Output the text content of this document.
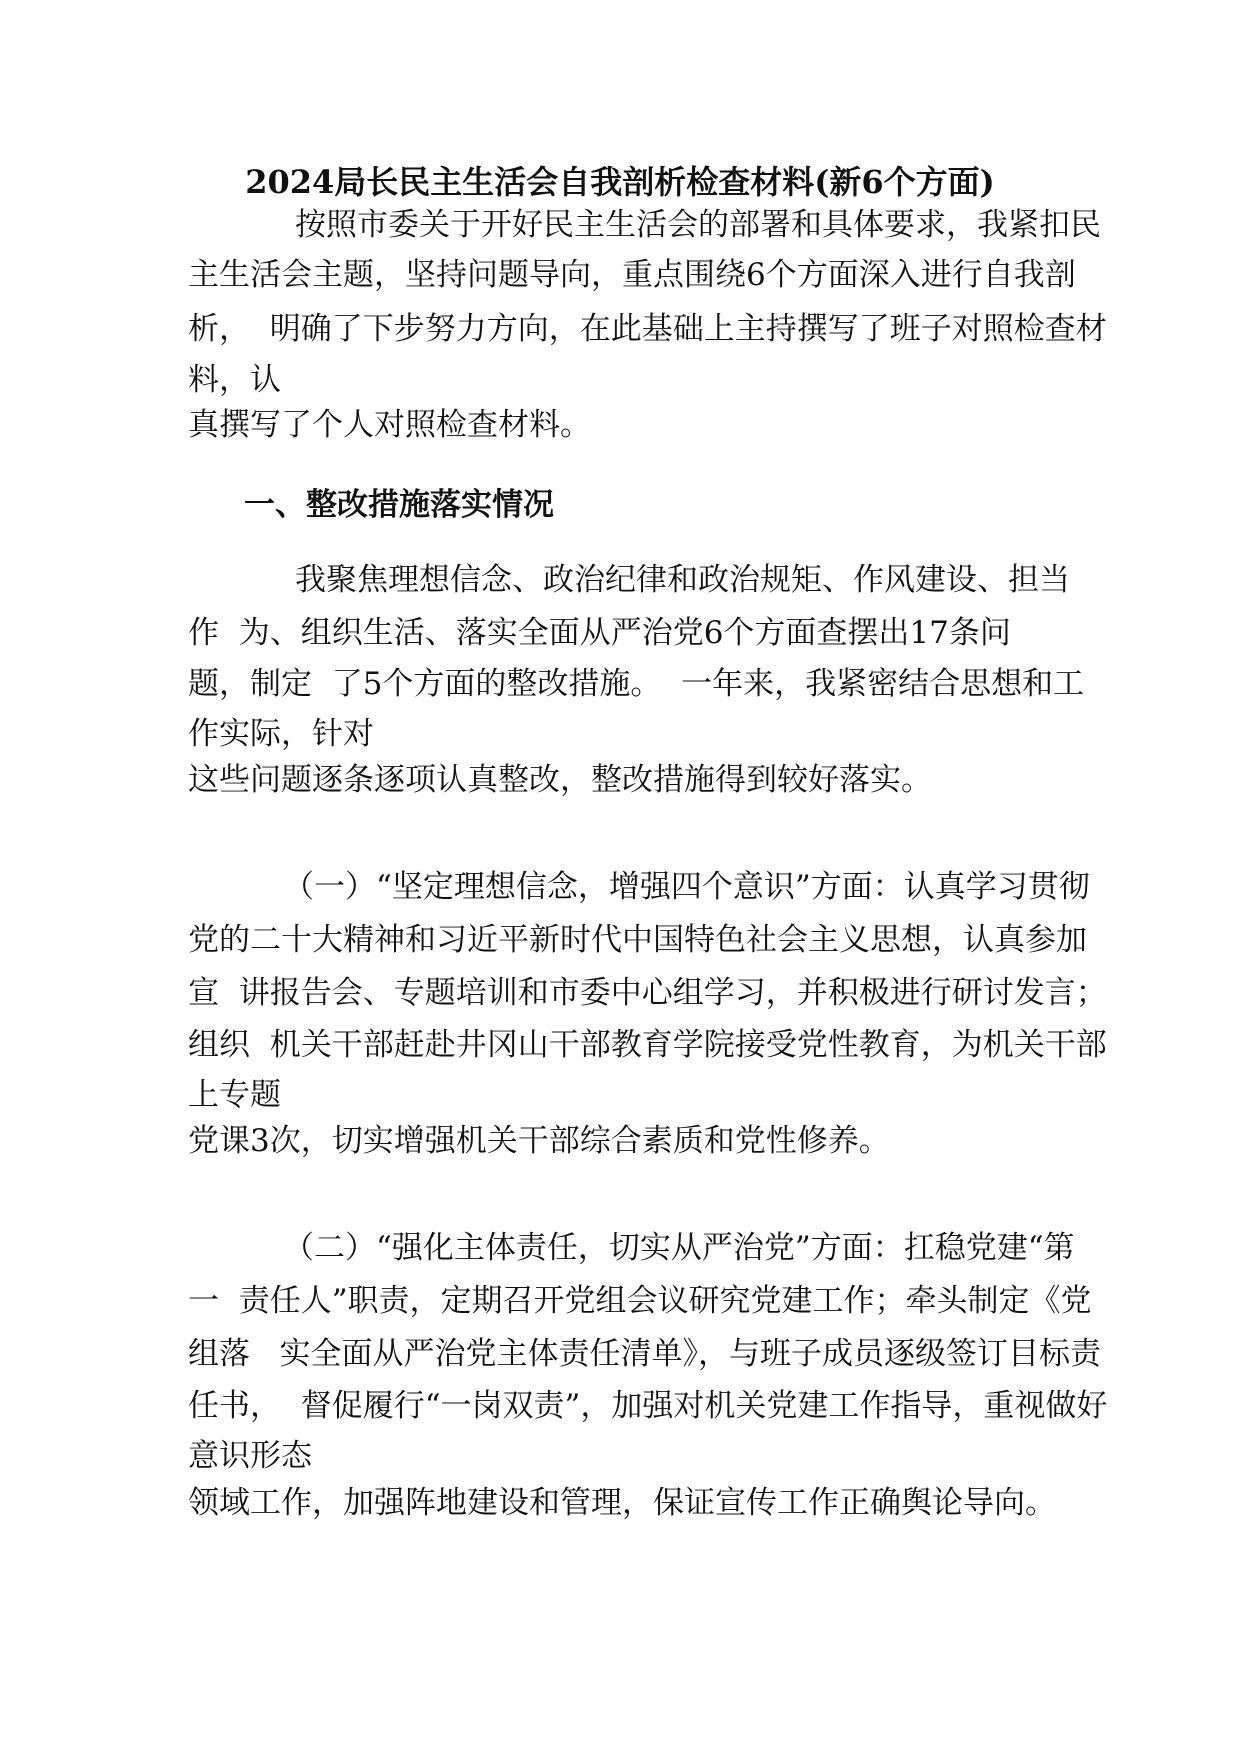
2024局长民主生活会自我剖析检查材料(新6个方面)
按照市委关于开好民主生活会的部署和具体要求，我紧扣民
主生活会主题，坚持问题导向，重点围绕6个方面深入进行自我剖
析，  明确了下步努力方向，在此基础上主持撰写了班子对照检查材
料，认
真撰写了个人对照检查材料。
一、整改措施落实情况
我聚焦理想信念、政治纪律和政治规矩、作风建设、担当
作  为、组织生活、落实全面从严治党6个方面查摆出17条问
题，制定  了5个方面的整改措施。  一年来，我紧密结合思想和工
作实际，针对
这些问题逐条逐项认真整改，整改措施得到较好落实。
（一）“坚定理想信念，增强四个意识”方面：认真学习贯彻
党的二十大精神和习近平新时代中国特色社会主义思想，认真参加
宣  讲报告会、专题培训和市委中心组学习，并积极进行研讨发言；
组织  机关干部赶赴井冈山干部教育学院接受党性教育，为机关干部
上专题
党课3次，切实增强机关干部综合素质和党性修养。
（二）“强化主体责任，切实从严治党”方面：扛稳党建“第
一  责任人”职责，定期召开党组会议研究党建工作；牵头制定《党
组落   实全面从严治党主体责任清单》，与班子成员逐级签订目标责
任书，  督促履行“一岗双责”，加强对机关党建工作指导，重视做好
意识形态
领域工作，加强阵地建设和管理，保证宣传工作正确舆论导向。
